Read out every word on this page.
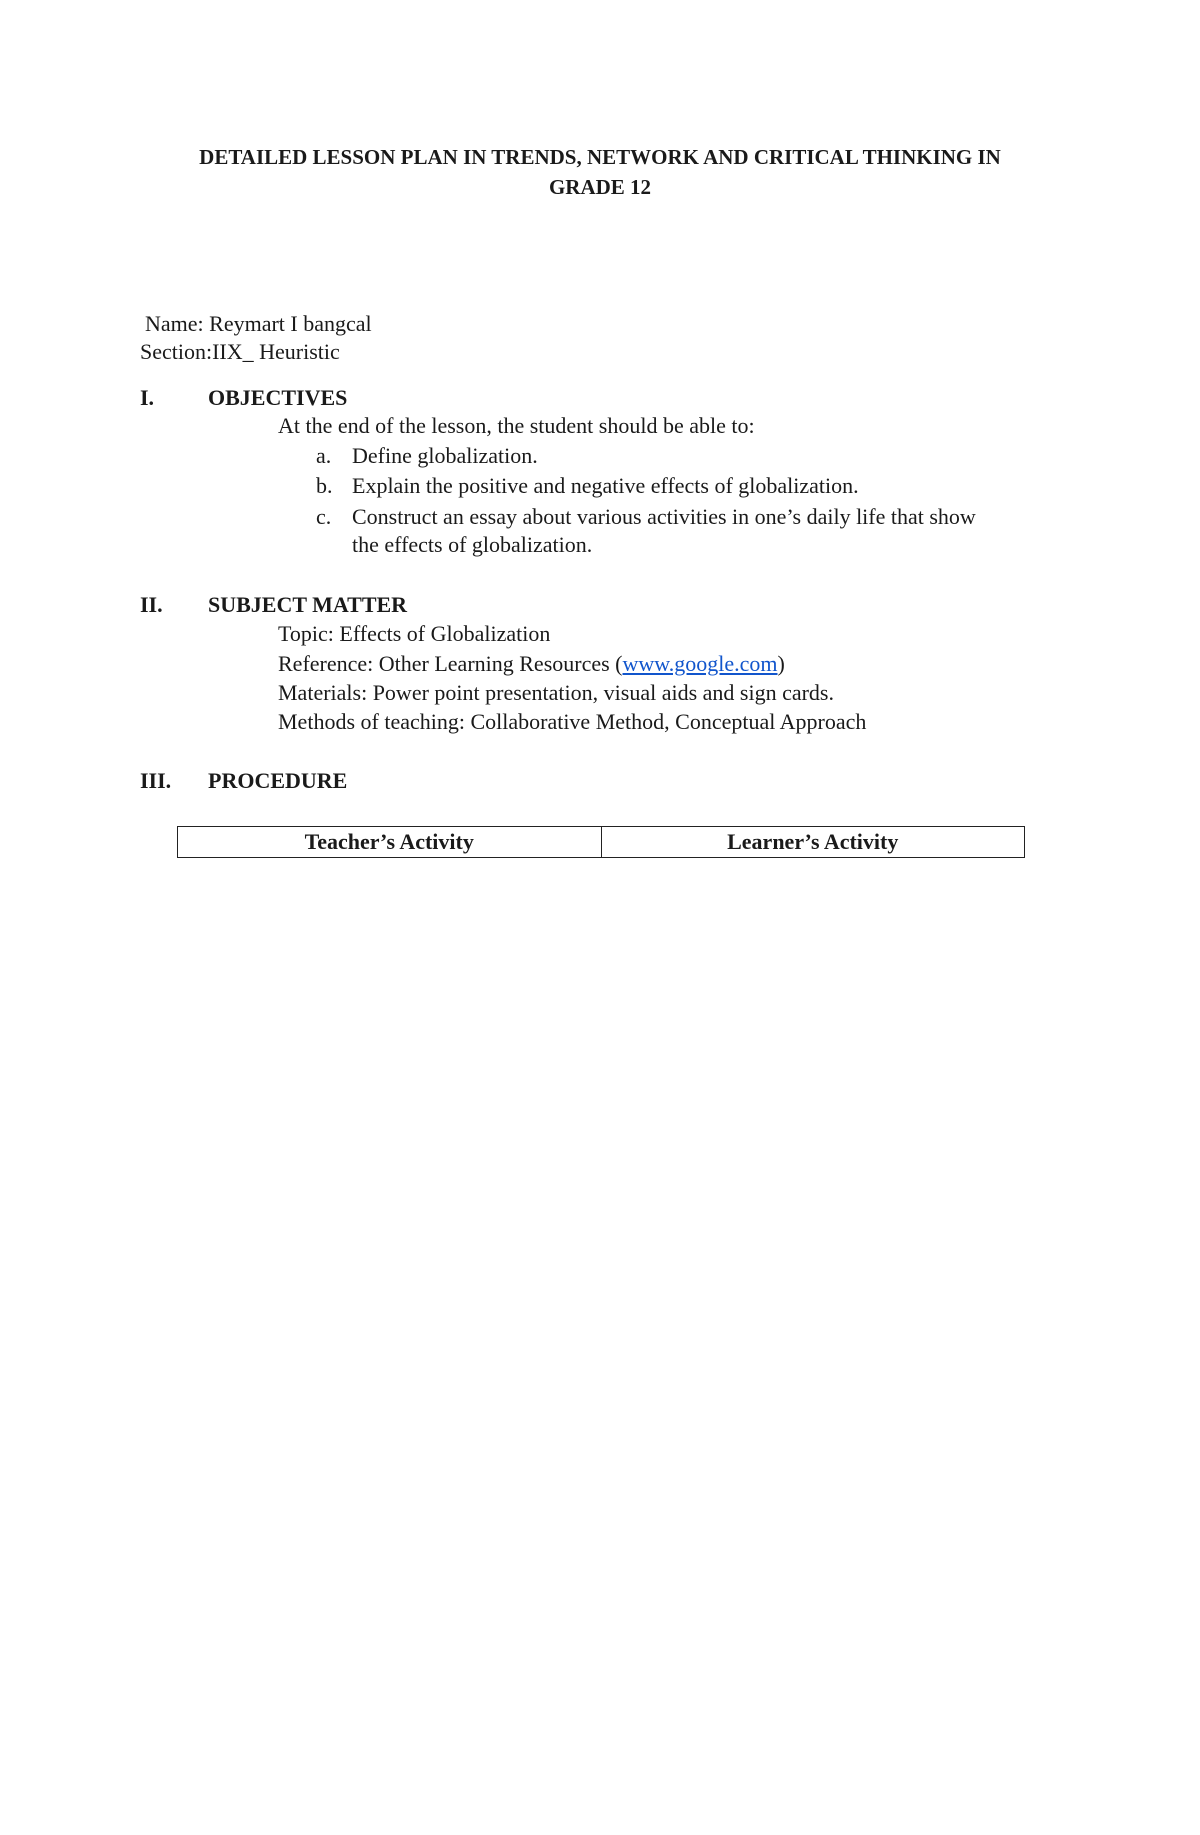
DETAILED LESSON PLAN IN TRENDS, NETWORK AND CRITICAL THINKING IN
GRADE 12
Name: Reymart I bangcal
Section:IIX_ Heuristic
I. OBJECTIVES
At the end of the lesson, the student should be able to:
a. Define globalization.
b. Explain the positive and negative effects of globalization.
c. Construct an essay about various activities in one’s daily life that show
the effects of globalization.
II. SUBJECT MATTER
Topic: Effects of Globalization
Reference: Other Learning Resources (www.google.com)
Materials: Power point presentation, visual aids and sign cards.
Methods of teaching: Collaborative Method, Conceptual Approach
III. PROCEDURE
Teacher’s Activity	Learner’s Activity
